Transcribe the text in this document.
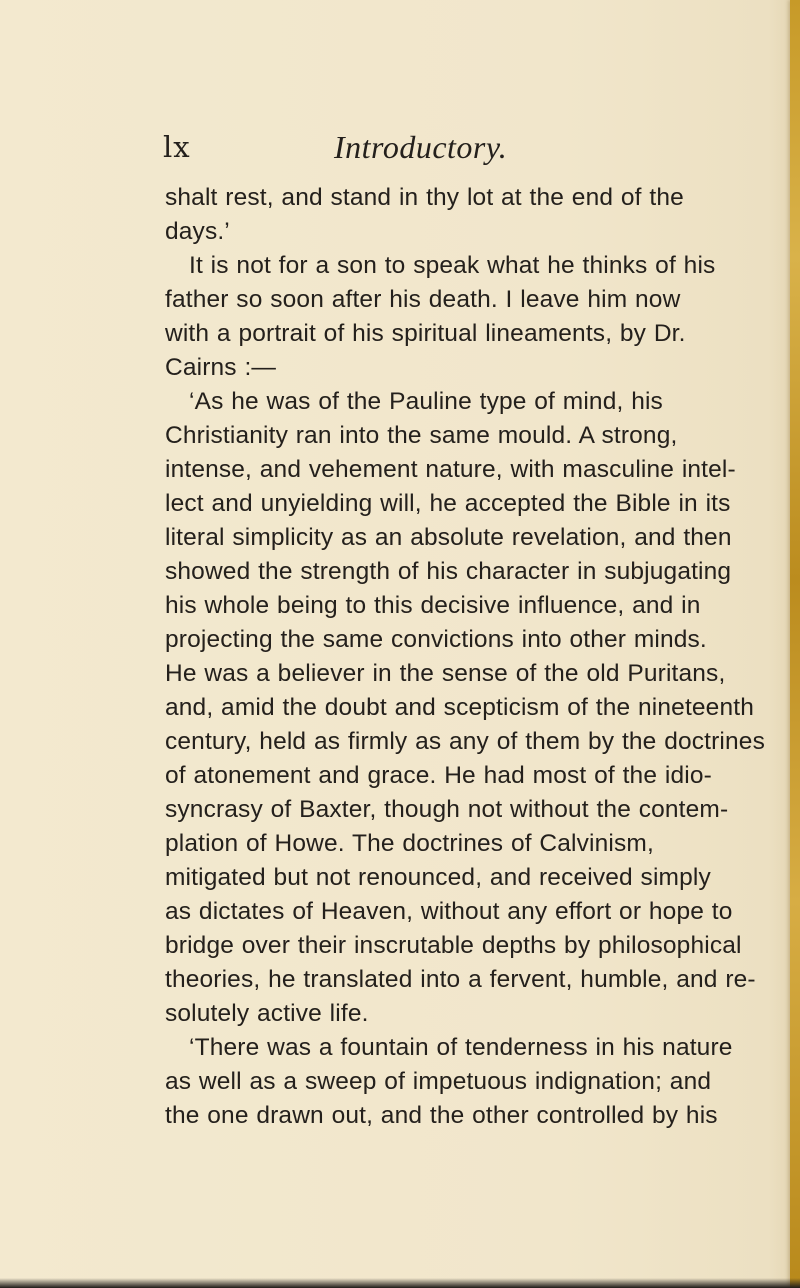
lx	Introductory.
shalt rest, and stand in thy lot at the end of the
days.’
It is not for a son to speak what he thinks of his
father so soon after his death. I leave him now
with a portrait of his spiritual lineaments, by Dr.
Cairns :—
‘As he was of the Pauline type of mind, his
Christianity ran into the same mould. A strong,
intense, and vehement nature, with masculine intel-
lect and unyielding will, he accepted the Bible in its
literal simplicity as an absolute revelation, and then
showed the strength of his character in subjugating
his whole being to this decisive influence, and in
projecting the same convictions into other minds.
He was a believer in the sense of the old Puritans,
and, amid the doubt and scepticism of the nineteenth
century, held as firmly as any of them by the doctrines
of atonement and grace. He had most of the idio-
syncrasy of Baxter, though not without the contem-
plation of Howe. The doctrines of Calvinism,
mitigated but not renounced, and received simply
as dictates of Heaven, without any effort or hope to
bridge over their inscrutable depths by philosophical
theories, he translated into a fervent, humble, and re-
solutely active life.
‘There was a fountain of tenderness in his nature
as well as a sweep of impetuous indignation; and
the one drawn out, and the other controlled by his
